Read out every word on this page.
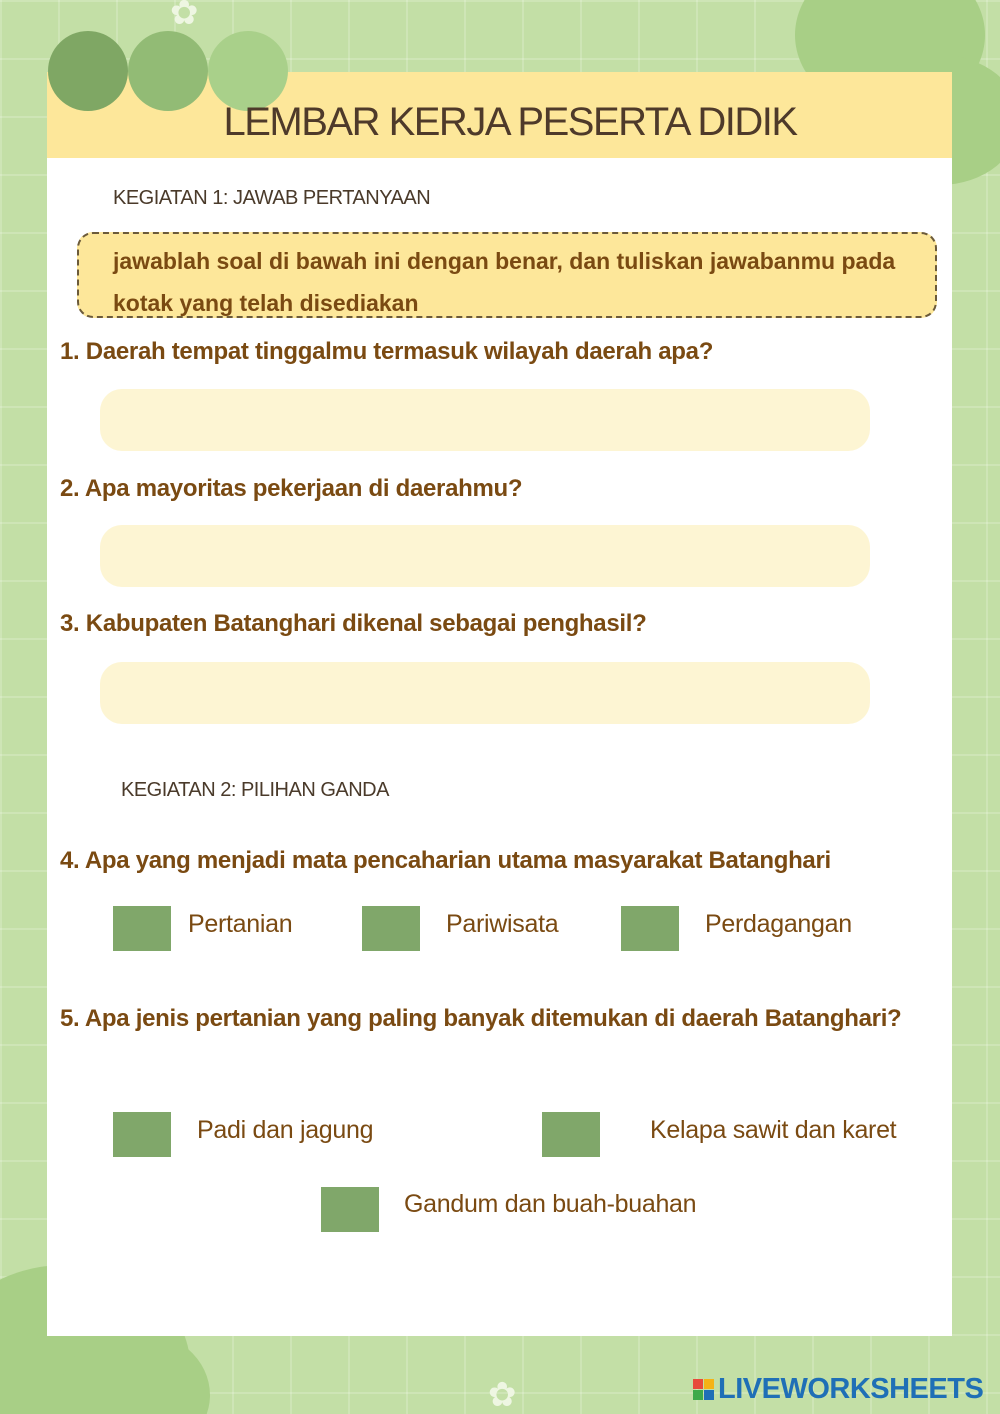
✿
✿
LEMBAR KERJA PESERTA DIDIK
KEGIATAN 1: JAWAB PERTANYAAN
jawablah soal di bawah ini dengan benar, dan tuliskan jawabanmu pada kotak yang telah disediakan
1. Daerah tempat tinggalmu termasuk wilayah daerah apa?
2. Apa mayoritas pekerjaan di daerahmu?
3. Kabupaten Batanghari dikenal sebagai penghasil?
KEGIATAN 2: PILIHAN GANDA
4. Apa yang menjadi mata pencaharian utama masyarakat Batanghari
Pertanian	Pariwisata	Perdagangan
5. Apa jenis pertanian yang paling banyak ditemukan di daerah Batanghari?
Padi dan jagung	Kelapa sawit dan karet
Gandum dan buah-buahan
LIVEWORKSHEETS
